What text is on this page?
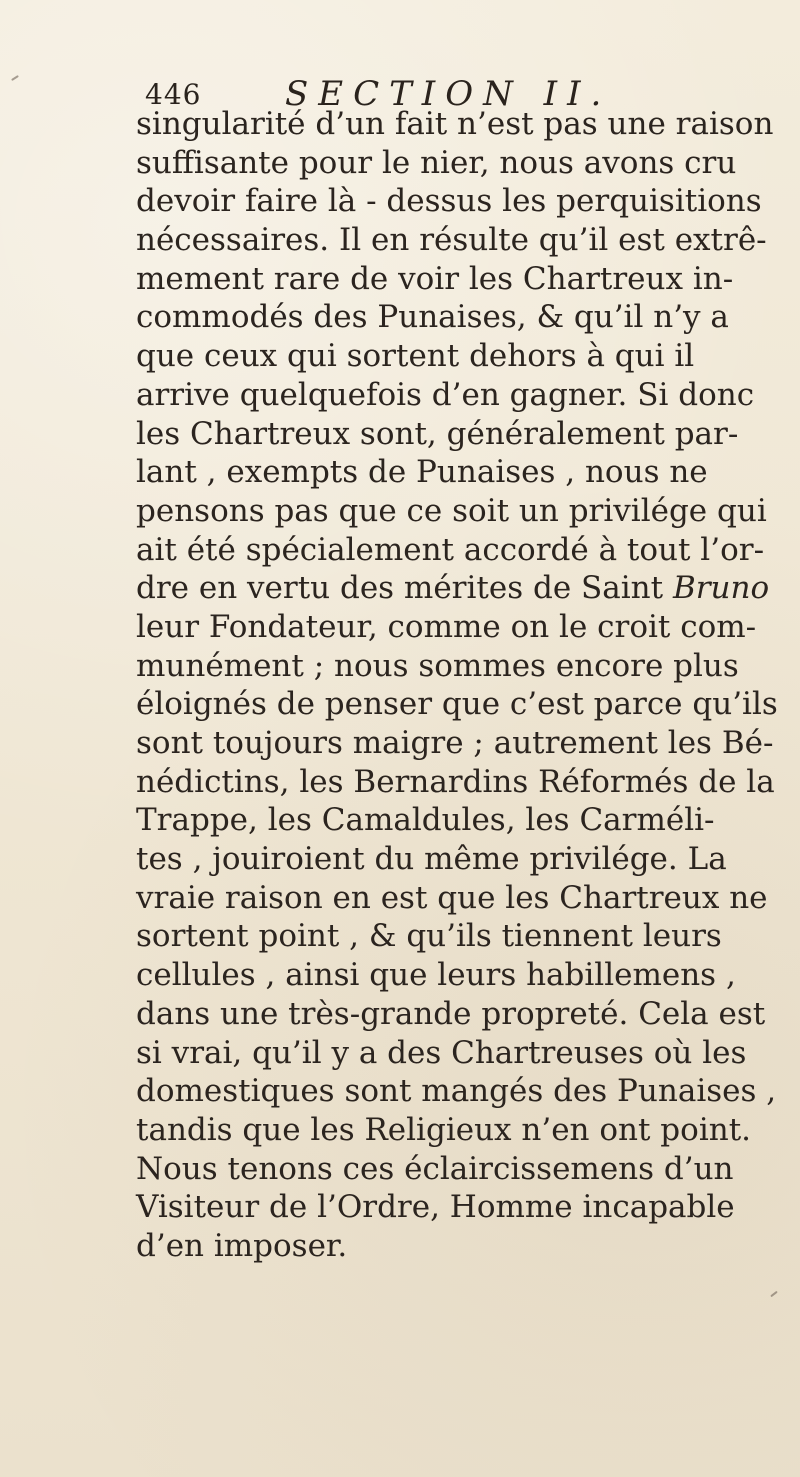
446 SECTION II.
singularité d’un fait n’est pas une raison
suffisante pour le nier, nous avons cru
devoir faire là - dessus les perquisitions
nécessaires. Il en résulte qu’il est extrê-
mement rare de voir les Chartreux in-
commodés des Punaises, & qu’il n’y a
que ceux qui sortent dehors à qui il
arrive quelquefois d’en gagner. Si donc
les Chartreux sont, généralement par-
lant , exempts de Punaises , nous ne
pensons pas que ce soit un privilége qui
ait été spécialement accordé à tout l’or-
dre en vertu des mérites de Saint Bruno
leur Fondateur, comme on le croit com-
munément ; nous sommes encore plus
éloignés de penser que c’est parce qu’ils
sont toujours maigre ; autrement les Bé-
nédictins, les Bernardins Réformés de la
Trappe, les Camaldules, les Carméli-
tes , jouiroient du même privilége. La
vraie raison en est que les Chartreux ne
sortent point , & qu’ils tiennent leurs
cellules , ainsi que leurs habillemens ,
dans une très-grande propreté. Cela est
si vrai, qu’il y a des Chartreuses où les
domestiques sont mangés des Punaises ,
tandis que les Religieux n’en ont point.
Nous tenons ces éclaircissemens d’un
Visiteur de l’Ordre, Homme incapable
d’en imposer.
